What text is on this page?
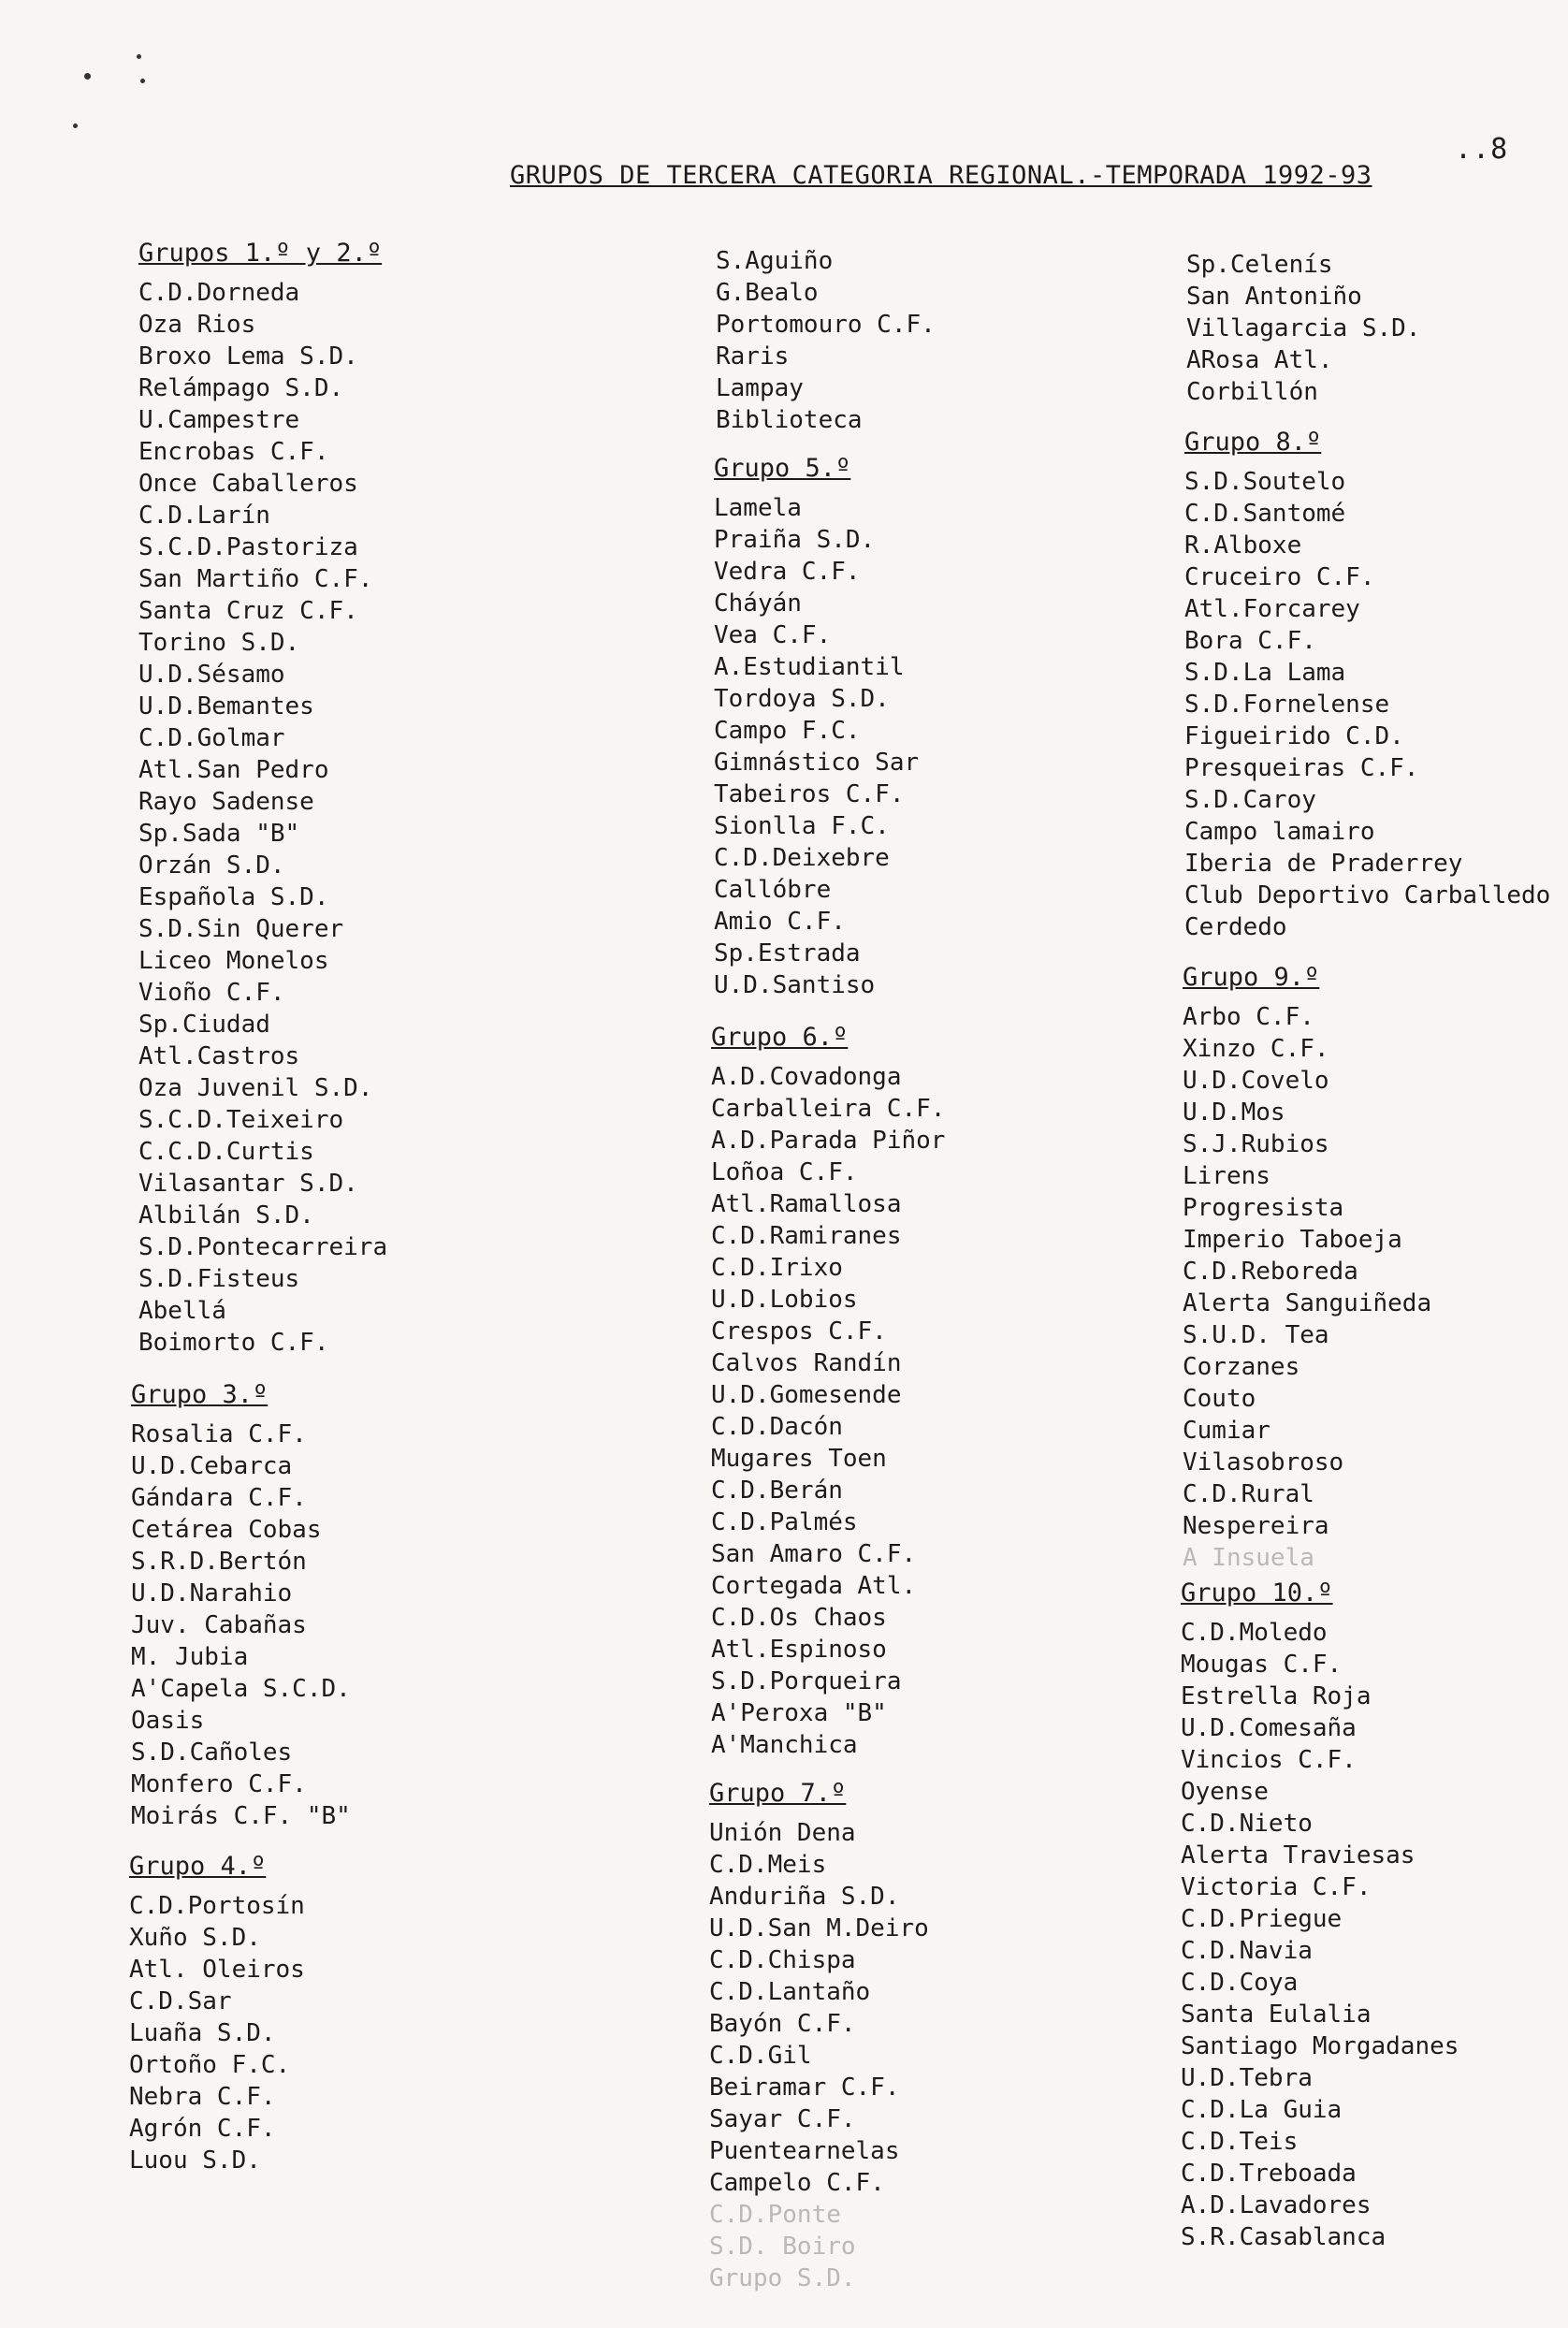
..8
GRUPOS DE TERCERA CATEGORIA REGIONAL.-TEMPORADA 1992-93
Grupos 1.º y 2.º
C.D.Dorneda
Oza Rios
Broxo Lema S.D.
Relámpago S.D.
U.Campestre
Encrobas C.F.
Once Caballeros
C.D.Larín
S.C.D.Pastoriza
San Martiño C.F.
Santa Cruz C.F.
Torino S.D.
U.D.Sésamo
U.D.Bemantes
C.D.Golmar
Atl.San Pedro
Rayo Sadense
Sp.Sada "B"
Orzán S.D.
Española S.D.
S.D.Sin Querer
Liceo Monelos
Vioño C.F.
Sp.Ciudad
Atl.Castros
Oza Juvenil S.D.
S.C.D.Teixeiro
C.C.D.Curtis
Vilasantar S.D.
Albilán S.D.
S.D.Pontecarreira
S.D.Fisteus
Abellá
Boimorto C.F.
Grupo 3.º
Rosalia C.F.
U.D.Cebarca
Gándara C.F.
Cetárea Cobas
S.R.D.Bertón
U.D.Narahio
Juv. Cabañas
M. Jubia
A'Capela S.C.D.
Oasis
S.D.Cañoles
Monfero C.F.
Moirás C.F. "B"
Grupo 4.º
C.D.Portosín
Xuño S.D.
Atl. Oleiros
C.D.Sar
Luaña S.D.
Ortoño F.C.
Nebra C.F.
Agrón C.F.
Luou S.D.
S.Aguiño
G.Bealo
Portomouro C.F.
Raris
Lampay
Biblioteca
Grupo 5.º
Lamela
Praiña S.D.
Vedra C.F.
Cháyán
Vea C.F.
A.Estudiantil
Tordoya S.D.
Campo F.C.
Gimnástico Sar
Tabeiros C.F.
Sionlla F.C.
C.D.Deixebre
Callóbre
Amio C.F.
Sp.Estrada
U.D.Santiso
Grupo 6.º
A.D.Covadonga
Carballeira C.F.
A.D.Parada Piñor
Loñoa C.F.
Atl.Ramallosa
C.D.Ramiranes
C.D.Irixo
U.D.Lobios
Crespos C.F.
Calvos Randín
U.D.Gomesende
C.D.Dacón
Mugares Toen
C.D.Berán
C.D.Palmés
San Amaro C.F.
Cortegada Atl.
C.D.Os Chaos
Atl.Espinoso
S.D.Porqueira
A'Peroxa "B"
A'Manchica
Grupo 7.º
Unión Dena
C.D.Meis
Anduriña S.D.
U.D.San M.Deiro
C.D.Chispa
C.D.Lantaño
Bayón C.F.
C.D.Gil
Beiramar C.F.
Sayar C.F.
Puentearnelas
Campelo C.F.
C.D.Ponte
S.D. Boiro
Grupo S.D.
Sp.Celenís
San Antoniño
Villagarcia S.D.
ARosa Atl.
Corbillón
Grupo 8.º
S.D.Soutelo
C.D.Santomé
R.Alboxe
Cruceiro C.F.
Atl.Forcarey
Bora C.F.
S.D.La Lama
S.D.Fornelense
Figueirido C.D.
Presqueiras C.F.
S.D.Caroy
Campo lamairo
Iberia de Praderrey
Club Deportivo Carballedo
Cerdedo
Grupo 9.º
Arbo C.F.
Xinzo C.F.
U.D.Covelo
U.D.Mos
S.J.Rubios
Lirens
Progresista
Imperio Taboeja
C.D.Reboreda
Alerta Sanguiñeda
S.U.D. Tea
Corzanes
Couto
Cumiar
Vilasobroso
C.D.Rural
Nespereira
A Insuela
Grupo 10.º
C.D.Moledo
Mougas C.F.
Estrella Roja
U.D.Comesaña
Vincios C.F.
Oyense
C.D.Nieto
Alerta Traviesas
Victoria C.F.
C.D.Priegue
C.D.Navia
C.D.Coya
Santa Eulalia
Santiago Morgadanes
U.D.Tebra
C.D.La Guia
C.D.Teis
C.D.Treboada
A.D.Lavadores
S.R.Casablanca
